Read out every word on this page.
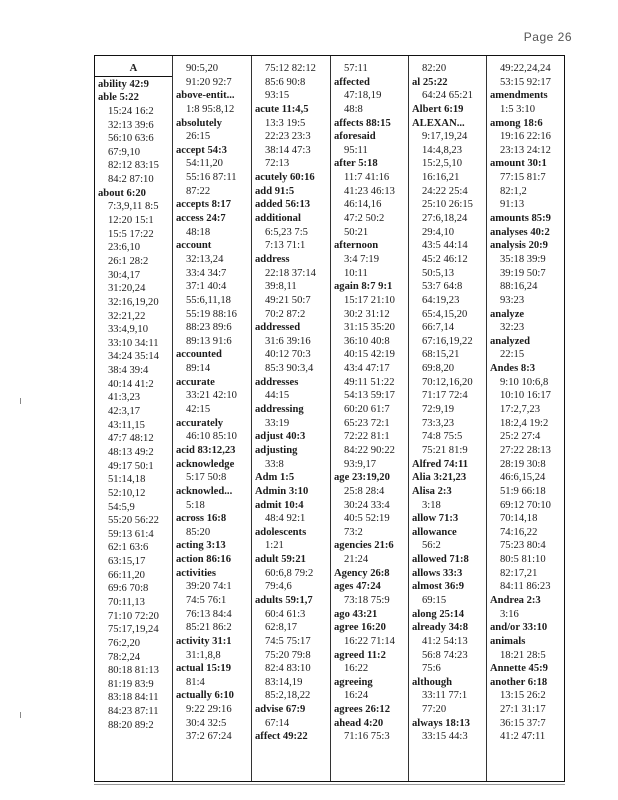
Page 26
A
ability 42:9
able 5:22
15:24 16:2
32:13 39:6
56:10 63:6
67:9,10
82:12 83:15
84:2 87:10
about 6:20
7:3,9,11 8:5
12:20 15:1
15:5 17:22
23:6,10
26:1 28:2
30:4,17
31:20,24
32:16,19,20
32:21,22
33:4,9,10
33:10 34:11
34:24 35:14
38:4 39:4
40:14 41:2
41:3,23
42:3,17
43:11,15
47:7 48:12
48:13 49:2
49:17 50:1
51:14,18
52:10,12
54:5,9
55:20 56:22
59:13 61:4
62:1 63:6
63:15,17
66:11,20
69:6 70:8
70:11,13
71:10 72:20
75:17,19,24
76:2,20
78:2,24
80:18 81:13
81:19 83:9
83:18 84:11
84:23 87:11
88:20 89:2
90:5,20
91:20 92:7
above-entit...
1:8 95:8,12
absolutely
26:15
accept 54:3
54:11,20
55:16 87:11
87:22
accepts 8:17
access 24:7
48:18
account
32:13,24
33:4 34:7
37:1 40:4
55:6,11,18
55:19 88:16
88:23 89:6
89:13 91:6
accounted
89:14
accurate
33:21 42:10
42:15
accurately
46:10 85:10
acid 83:12,23
acknowledge
5:17 50:8
acknowled...
5:18
across 16:8
85:20
acting 3:13
action 86:16
activities
39:20 74:1
74:5 76:1
76:13 84:4
85:21 86:2
activity 31:1
31:1,8,8
actual 15:19
81:4
actually 6:10
9:22 29:16
30:4 32:5
37:2 67:24
75:12 82:12
85:6 90:8
93:15
acute 11:4,5
13:3 19:5
22:23 23:3
38:14 47:3
72:13
acutely 60:16
add 91:5
added 56:13
additional
6:5,23 7:5
7:13 71:1
address
22:18 37:14
39:8,11
49:21 50:7
70:2 87:2
addressed
31:6 39:16
40:12 70:3
85:3 90:3,4
addresses
44:15
addressing
33:19
adjust 40:3
adjusting
33:8
Adm 1:5
Admin 3:10
admit 10:4
48:4 92:1
adolescents
1:21
adult 59:21
60:6,8 79:2
79:4,6
adults 59:1,7
60:4 61:3
62:8,17
74:5 75:17
75:20 79:8
82:4 83:10
83:14,19
85:2,18,22
advise 67:9
67:14
affect 49:22
57:11
affected
47:18,19
48:8
affects 88:15
aforesaid
95:11
after 5:18
11:7 41:16
41:23 46:13
46:14,16
47:2 50:2
50:21
afternoon
3:4 7:19
10:11
again 8:7 9:1
15:17 21:10
30:2 31:12
31:15 35:20
36:10 40:8
40:15 42:19
43:4 47:17
49:11 51:22
54:13 59:17
60:20 61:7
65:23 72:1
72:22 81:1
84:22 90:22
93:9,17
age 23:19,20
25:8 28:4
30:24 33:4
40:5 52:19
73:2
agencies 21:6
21:24
Agency 26:8
ages 47:24
73:18 75:9
ago 43:21
agree 16:20
16:22 71:14
agreed 11:2
16:22
agreeing
16:24
agrees 26:12
ahead 4:20
71:16 75:3
82:20
al 25:22
64:24 65:21
Albert 6:19
ALEXAN...
9:17,19,24
14:4,8,23
15:2,5,10
16:16,21
24:22 25:4
25:10 26:15
27:6,18,24
29:4,10
43:5 44:14
45:2 46:12
50:5,13
53:7 64:8
64:19,23
65:4,15,20
66:7,14
67:16,19,22
68:15,21
69:8,20
70:12,16,20
71:17 72:4
72:9,19
73:3,23
74:8 75:5
75:21 81:9
Alfred 74:11
Alia 3:21,23
Alisa 2:3
3:18
allow 71:3
allowance
56:2
allowed 71:8
allows 33:3
almost 36:9
69:15
along 25:14
already 34:8
41:2 54:13
56:8 74:23
75:6
although
33:11 77:1
77:20
always 18:13
33:15 44:3
49:22,24,24
53:15 92:17
amendments
1:5 3:10
among 18:6
19:16 22:16
23:13 24:12
amount 30:1
77:15 81:7
82:1,2
91:13
amounts 85:9
analyses 40:2
analysis 20:9
35:18 39:9
39:19 50:7
88:16,24
93:23
analyze
32:23
analyzed
22:15
Andes 8:3
9:10 10:6,8
10:10 16:17
17:2,7,23
18:2,4 19:2
25:2 27:4
27:22 28:13
28:19 30:8
46:6,15,24
51:9 66:18
69:12 70:10
70:14,18
74:16,22
75:23 80:4
80:5 81:10
82:17,21
84:11 86:23
Andrea 2:3
3:16
and/or 33:10
animals
18:21 28:5
Annette 45:9
another 6:18
13:15 26:2
27:1 31:17
36:15 37:7
41:2 47:11
